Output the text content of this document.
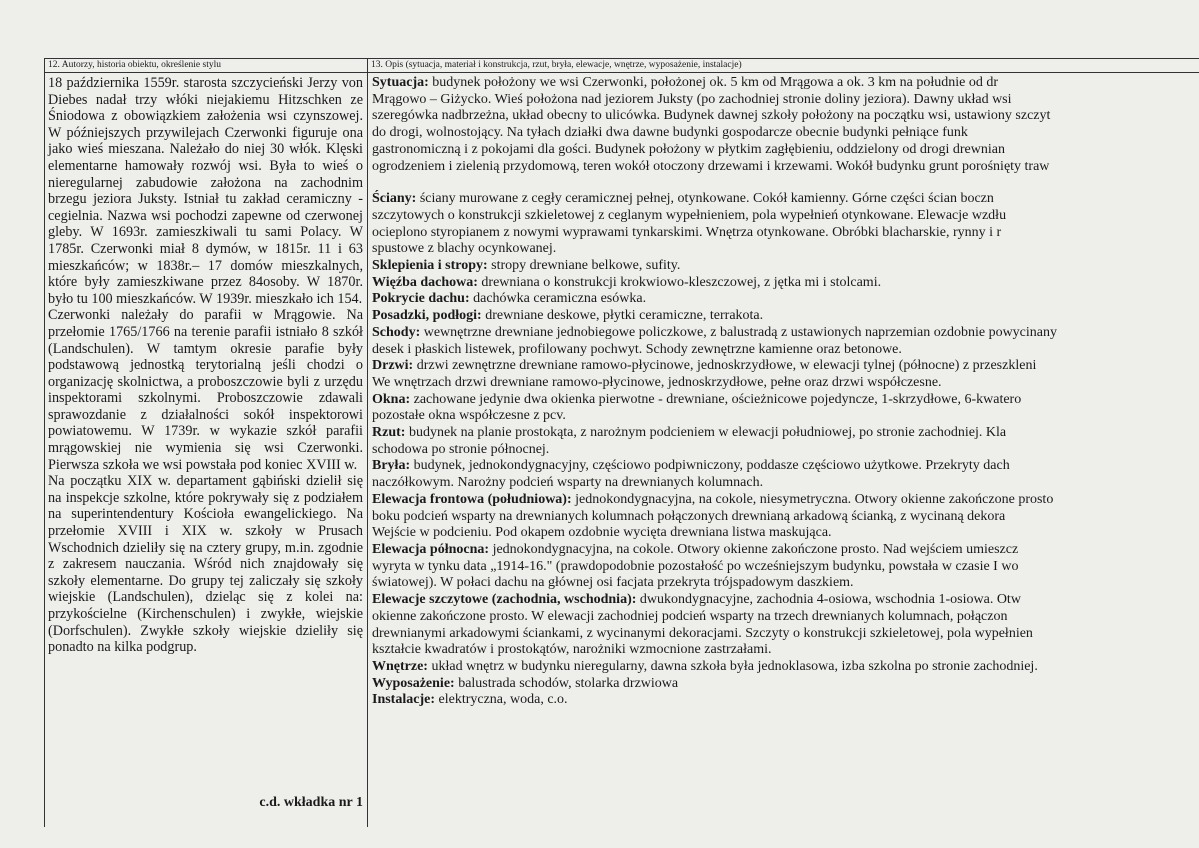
12. Autorzy, historia obiektu, określenie stylu

18 października 1559r. starosta szczycieński Jerzy von Diebes nadał trzy włóki niejakiemu Hitzschken ze Śniodowa z obowiązkiem założenia wsi czynszowej. W późniejszych przywilejach Czerwonki figuruje ona jako wieś mieszana. Należało do niej 30 włók. Klęski elementarne hamowały rozwój wsi. Była to wieś o nieregularnej zabudowie założona na zachodnim brzegu jeziora Juksty. Istniał tu zakład ceramiczny - cegielnia. Nazwa wsi pochodzi zapewne od czerwonej gleby. W 1693r. zamieszkiwali tu sami Polacy. W 1785r. Czerwonki miał 8 dymów, w 1815r. 11 i 63 mieszkańców; w 1838r.– 17 domów mieszkalnych, które były zamieszkiwane przez 84osoby. W 1870r. było tu 100 mieszkańców. W 1939r. mieszkało ich 154.

Czerwonki należały do parafii w Mrągowie. Na przełomie 1765/1766 na terenie parafii istniało 8 szkół (Landschulen). W tamtym okresie parafie były podstawową jednostką terytorialną jeśli chodzi o organizację skolnictwa, a proboszczowie byli z urzędu inspektorami szkolnymi. Proboszczowie zdawali sprawozdanie z działalności sokół inspektorowi powiatowemu. W 1739r. w wykazie szkół parafii mrągowskiej nie wymienia się wsi Czerwonki. Pierwsza szkoła we wsi powstała pod koniec XVIII w.

Na początku XIX w. departament gąbiński dzielił się na inspekcje szkolne, które pokrywały się z podziałem na superintendentury Kościoła ewangelickiego. Na przełomie XVIII i XIX w. szkoły w Prusach Wschodnich dzieliły się na cztery grupy, m.in. zgodnie z zakresem nauczania. Wśród nich znajdowały się szkoły elementarne. Do grupy tej zaliczały się szkoły wiejskie (Landschulen), dzieląc się z kolei na: przykościelne (Kirchenschulen) i zwykłe, wiejskie (Dorfschulen). Zwykłe szkoły wiejskie dzieliły się ponadto na kilka podgrup.

c.d. wkładka nr 1
13. Opis (sytuacja, materiał i konstrukcja, rzut, bryła, elewacje, wnętrze, wyposażenie, instalacje)
Sytuacja: budynek położony we wsi Czerwonki, położonej ok. 5 km od Mrągowa a ok. 3 km na południe od dr
Mrągowo – Giżycko. Wieś położona nad jeziorem Juksty (po zachodniej stronie doliny jeziora). Dawny układ wsi
szeregówka nadbrzeżna, układ obecny to ulicówka. Budynek dawnej szkoły położony na początku wsi, ustawiony szczyt
do drogi, wolnostojący. Na tyłach działki dwa dawne budynki gospodarcze obecnie budynki pełniące funk
gastronomiczną i z pokojami dla gości. Budynek położony w płytkim zagłębieniu, oddzielony od drogi drewnian
ogrodzeniem i zielenią przydomową, teren wokół otoczony drzewami i krzewami. Wokół budynku grunt porośnięty traw
Ściany: ściany murowane z cegły ceramicznej pełnej, otynkowane. Cokół kamienny. Górne części ścian boczn
szczytowych o konstrukcji szkieletowej z ceglanym wypełnieniem, pola wypełnień otynkowane. Elewacje wzdłu
ocieplono styropianem z nowymi wyprawami tynkarskimi. Wnętrza otynkowane. Obróbki blacharskie, rynny i r
spustowe z blachy ocynkowanej.
Sklepienia i stropy: stropy drewniane belkowe, sufity.
Więźba dachowa: drewniana o konstrukcji krokwiowo-kleszczowej, z jętka mi i stolcami.
Pokrycie dachu: dachówka ceramiczna esówka.
Posadzki, podłogi: drewniane deskowe, płytki ceramiczne, terrakota.
Schody: wewnętrzne drewniane jednobiegowe policzkowe, z balustradą z ustawionych naprzemian ozdobnie powycinany
desek i płaskich listewek, profilowany pochwyt. Schody zewnętrzne kamienne oraz betonowe.
Drzwi: drzwi zewnętrzne drewniane ramowo-płycinowe, jednoskrzydłowe, w elewacji tylnej (północne) z przeszkleni
We wnętrzach drzwi drewniane ramowo-płycinowe, jednoskrzydłowe, pełne oraz drzwi współczesne.
Okna: zachowane jedynie dwa okienka pierwotne - drewniane, ościeżnicowe pojedyncze, 1-skrzydłowe, 6-kwatero
pozostałe okna współczesne z pcv.
Rzut: budynek na planie prostokąta, z narożnym podcieniem w elewacji południowej, po stronie zachodniej. Kla
schodowa po stronie północnej.
Bryła: budynek, jednokondygnacyjny, częściowo podpiwniczony, poddasze częściowo użytkowe. Przekryty dach
naczółkowym. Narożny podcień wsparty na drewnianych kolumnach.
Elewacja frontowa (południowa): jednokondygnacyjna, na cokole, niesymetryczna. Otwory okienne zakończone prosto
boku podcień wsparty na drewnianych kolumnach połączonych drewnianą arkadową ścianką, z wycinaną dekora
Wejście w podcieniu. Pod okapem ozdobnie wycięta drewniana listwa maskująca.
Elewacja północna: jednokondygnacyjna, na cokole. Otwory okienne zakończone prosto. Nad wejściem umieszcz
wyryta w tynku data „1914-16." (prawdopodobnie pozostałość po wcześniejszym budynku, powstała w czasie I wo
światowej). W połaci dachu na głównej osi facjata przekryta trójspadowym daszkiem.
Elewacje szczytowe (zachodnia, wschodnia): dwukondygnacyjne, zachodnia 4-osiowa, wschodnia 1-osiowa. Otw
okienne zakończone prosto. W elewacji zachodniej podcień wsparty na trzech drewnianych kolumnach, połączon
drewnianymi arkadowymi ściankami, z wycinanymi dekoracjami. Szczyty o konstrukcji szkieletowej, pola wypełnien
kształcie kwadratów i prostokątów, narożniki wzmocnione zastrzałami.
Wnętrze: układ wnętrz w budynku nieregularny, dawna szkoła była jednoklasowa, izba szkolna po stronie zachodniej.
Wyposażenie: balustrada schodów, stolarka drzwiowa
Instalacje: elektryczna, woda, c.o.
